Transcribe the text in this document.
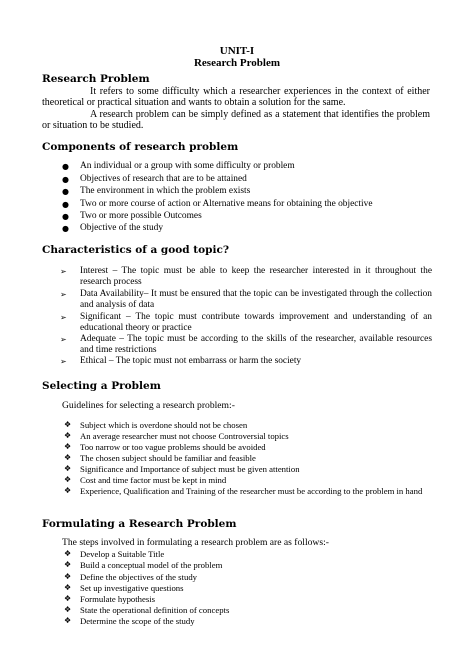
UNIT-I
Research Problem
Research Problem

It refers to some difficulty which a researcher experiences in the context of either theoretical or practical situation and wants to obtain a solution for the same.

A research problem can be simply defined as a statement that identifies the problem or situation to be studied.

Components of research problem
● An individual or a group with some difficulty or problem
● Objectives of research that are to be attained
● The environment in which the problem exists
● Two or more course of action or Alternative means for obtaining the objective
● Two or more possible Outcomes
● Objective of the study
Characteristics of a good topic?
➢ Interest – The topic must be able to keep the researcher interested in it throughout the research process

➢ Data Availability– It must be ensured that the topic can be investigated through the collection and analysis of data

➢ Significant – The topic must contribute towards improvement and understanding of an educational theory or practice

➢ Adequate – The topic must be according to the skills of the researcher, available resources and time restrictions

➢ Ethical – The topic must not embarrass or harm the society

Selecting a Problem
Guidelines for selecting a research problem:-
❖ Subject which is overdone should not be chosen
❖ An average researcher must not choose Controversial topics
❖ Too narrow or too vague problems should be avoided
❖ The chosen subject should be familiar and feasible
❖ Significance and Importance of subject must be given attention
❖ Cost and time factor must be kept in mind
❖ Experience, Qualification and Training of the researcher must be according to the problem in hand

Formulating a Research Problem
The steps involved in formulating a research problem are as follows:-
❖ Develop a Suitable Title
❖ Build a conceptual model of the problem
❖ Define the objectives of the study
❖ Set up investigative questions
❖ Formulate hypothesis
❖ State the operational definition of concepts
❖ Determine the scope of the study
